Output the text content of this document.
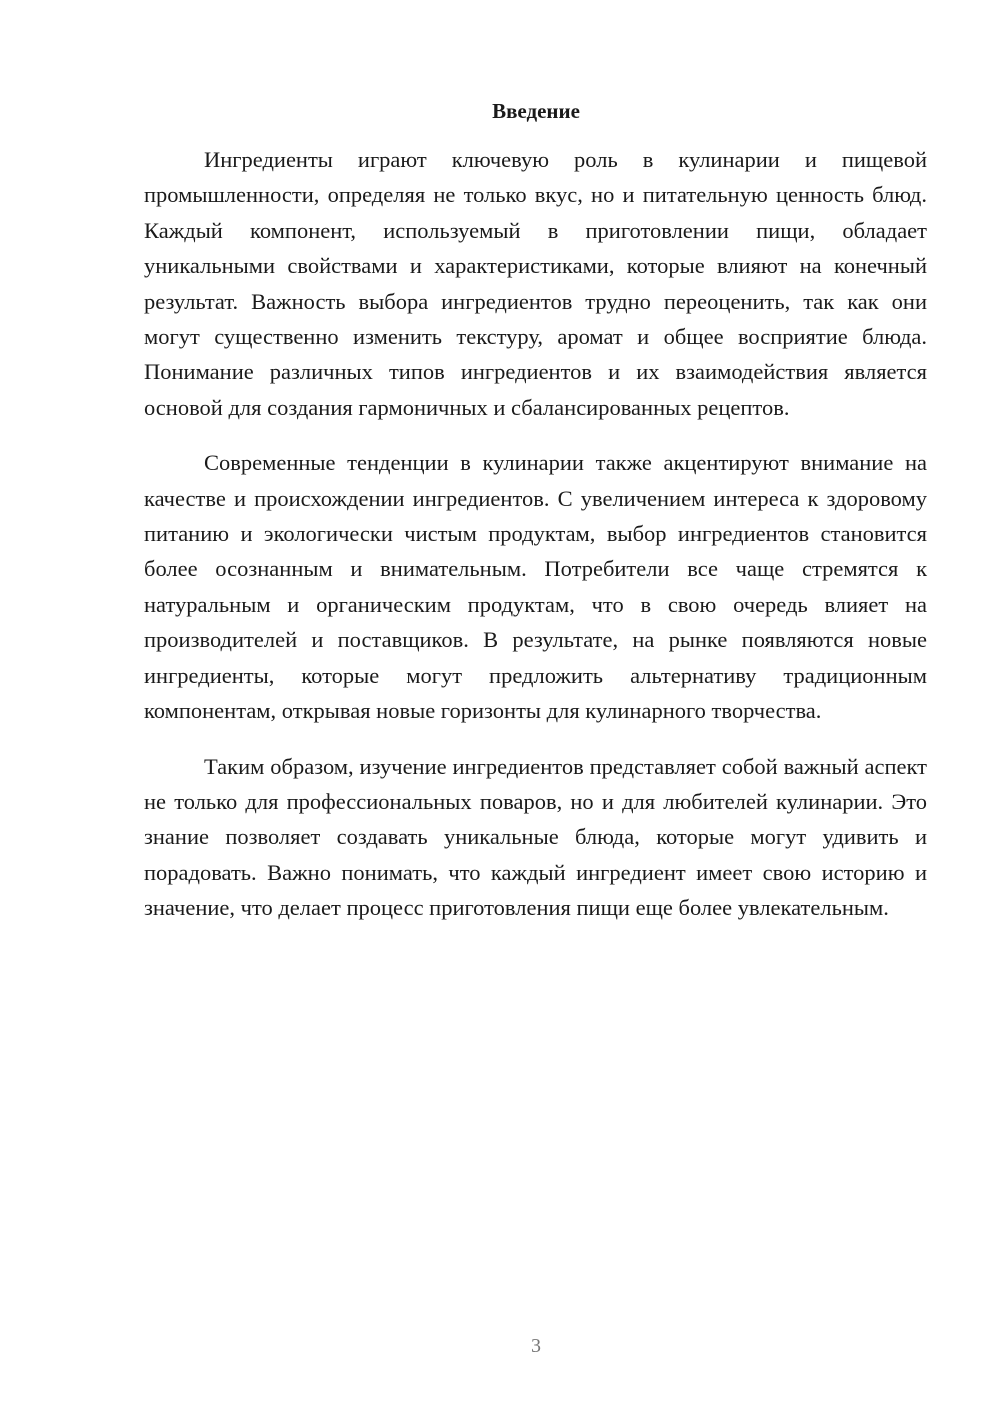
Введение

Ингредиенты играют ключевую роль в кулинарии и пищевой промышленности, определяя не только вкус, но и питательную ценность блюд. Каждый компонент, используемый в приготовлении пищи, обладает уникальными свойствами и характеристиками, которые влияют на конечный результат. Важность выбора ингредиентов трудно переоценить, так как они могут существенно изменить текстуру, аромат и общее восприятие блюда. Понимание различных типов ингредиентов и их взаимодействия является основой для создания гармоничных и сбалансированных рецептов.

Современные тенденции в кулинарии также акцентируют внимание на качестве и происхождении ингредиентов. С увеличением интереса к здоровому питанию и экологически чистым продуктам, выбор ингредиентов становится более осознанным и внимательным. Потребители все чаще стремятся к натуральным и органическим продуктам, что в свою очередь влияет на производителей и поставщиков. В результате, на рынке появляются новые ингредиенты, которые могут предложить альтернативу традиционным компонентам, открывая новые горизонты для кулинарного творчества.

Таким образом, изучение ингредиентов представляет собой важный аспект не только для профессиональных поваров, но и для любителей кулинарии. Это знание позволяет создавать уникальные блюда, которые могут удивить и порадовать. Важно понимать, что каждый ингредиент имеет свою историю и значение, что делает процесс приготовления пищи еще более увлекательным.

3
